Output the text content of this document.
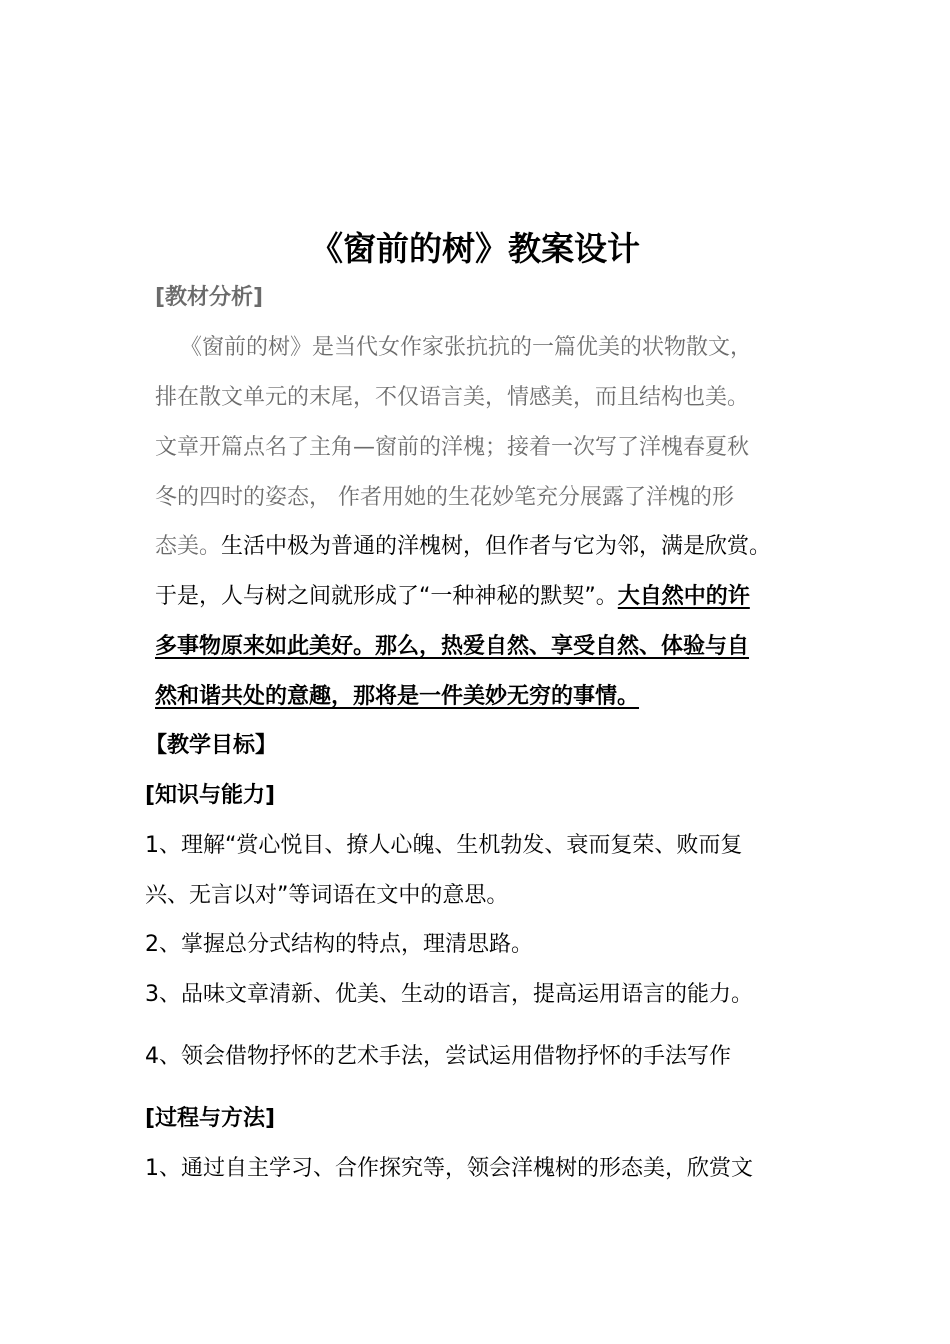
《窗前的树》教案设计
[教材分析]
《窗前的树》是当代女作家张抗抗的一篇优美的状物散文，
排在散文单元的末尾，不仅语言美，情感美，而且结构也美。
文章开篇点名了主角—窗前的洋槐；接着一次写了洋槐春夏秋
冬的四时的姿态， 作者用她的生花妙笔充分展露了洋槐的形
态美。生活中极为普通的洋槐树，但作者与它为邻，满是欣赏。
于是，人与树之间就形成了“一种神秘的默契”。大自然中的许
多事物原来如此美好。那么，热爱自然、享受自然、体验与自
然和谐共处的意趣，那将是一件美妙无穷的事情。
【教学目标】
[知识与能力]
1、理解“赏心悦目、撩人心魄、生机勃发、衰而复荣、败而复
兴、无言以对”等词语在文中的意思。
2、掌握总分式结构的特点，理清思路。
3、品味文章清新、优美、生动的语言，提高运用语言的能力。
4、领会借物抒怀的艺术手法，尝试运用借物抒怀的手法写作
[过程与方法]
1、通过自主学习、合作探究等，领会洋槐树的形态美，欣赏文
